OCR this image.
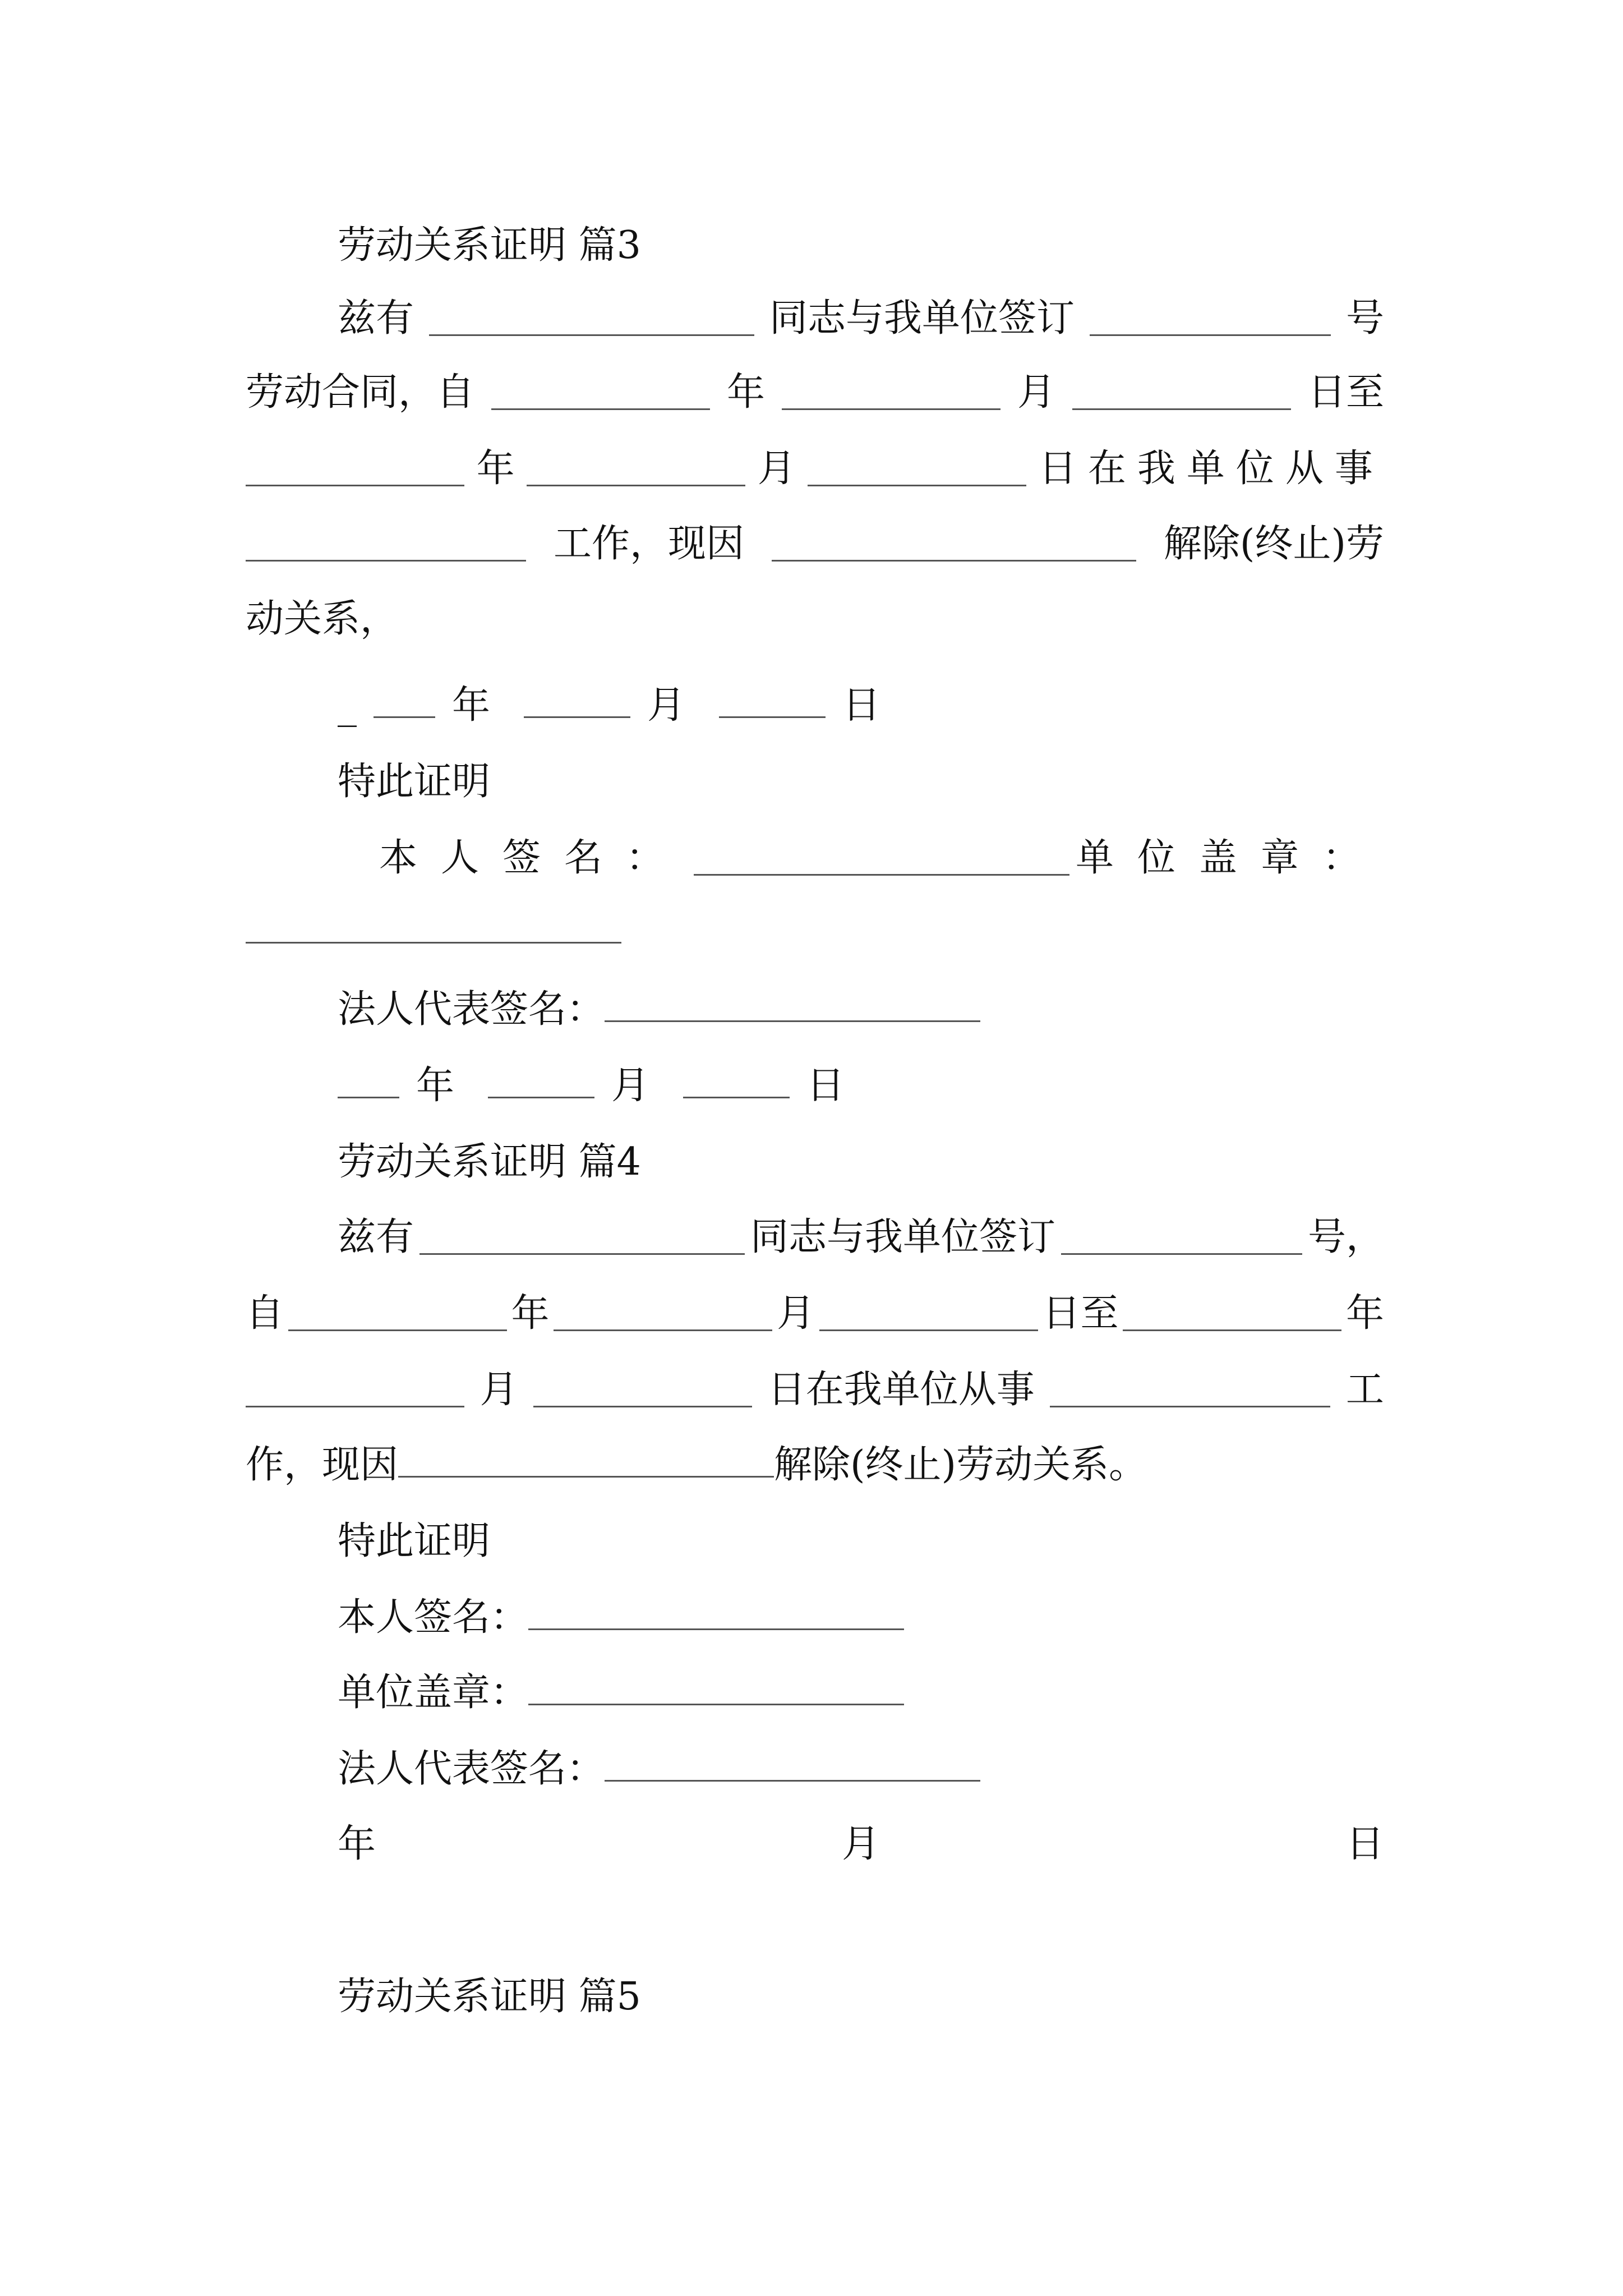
劳动关系证明 篇3
兹有	同志与我单位签订	号
劳动合同，自	年	月	日至
年	月	日在我单位从事
工作，现因	解除(终止)劳
动关系，
_	年	月	日
特此证明
本人签名：	单位盖章：
法人代表签名：
年	月	日
劳动关系证明 篇4
兹有	同志与我单位签订	号，
自	年	月	日至	年
月	日在我单位从事	工
作，现因	解除(终止)劳动关系。
特此证明
本人签名：
单位盖章：
法人代表签名：
年	月	日
劳动关系证明 篇5
